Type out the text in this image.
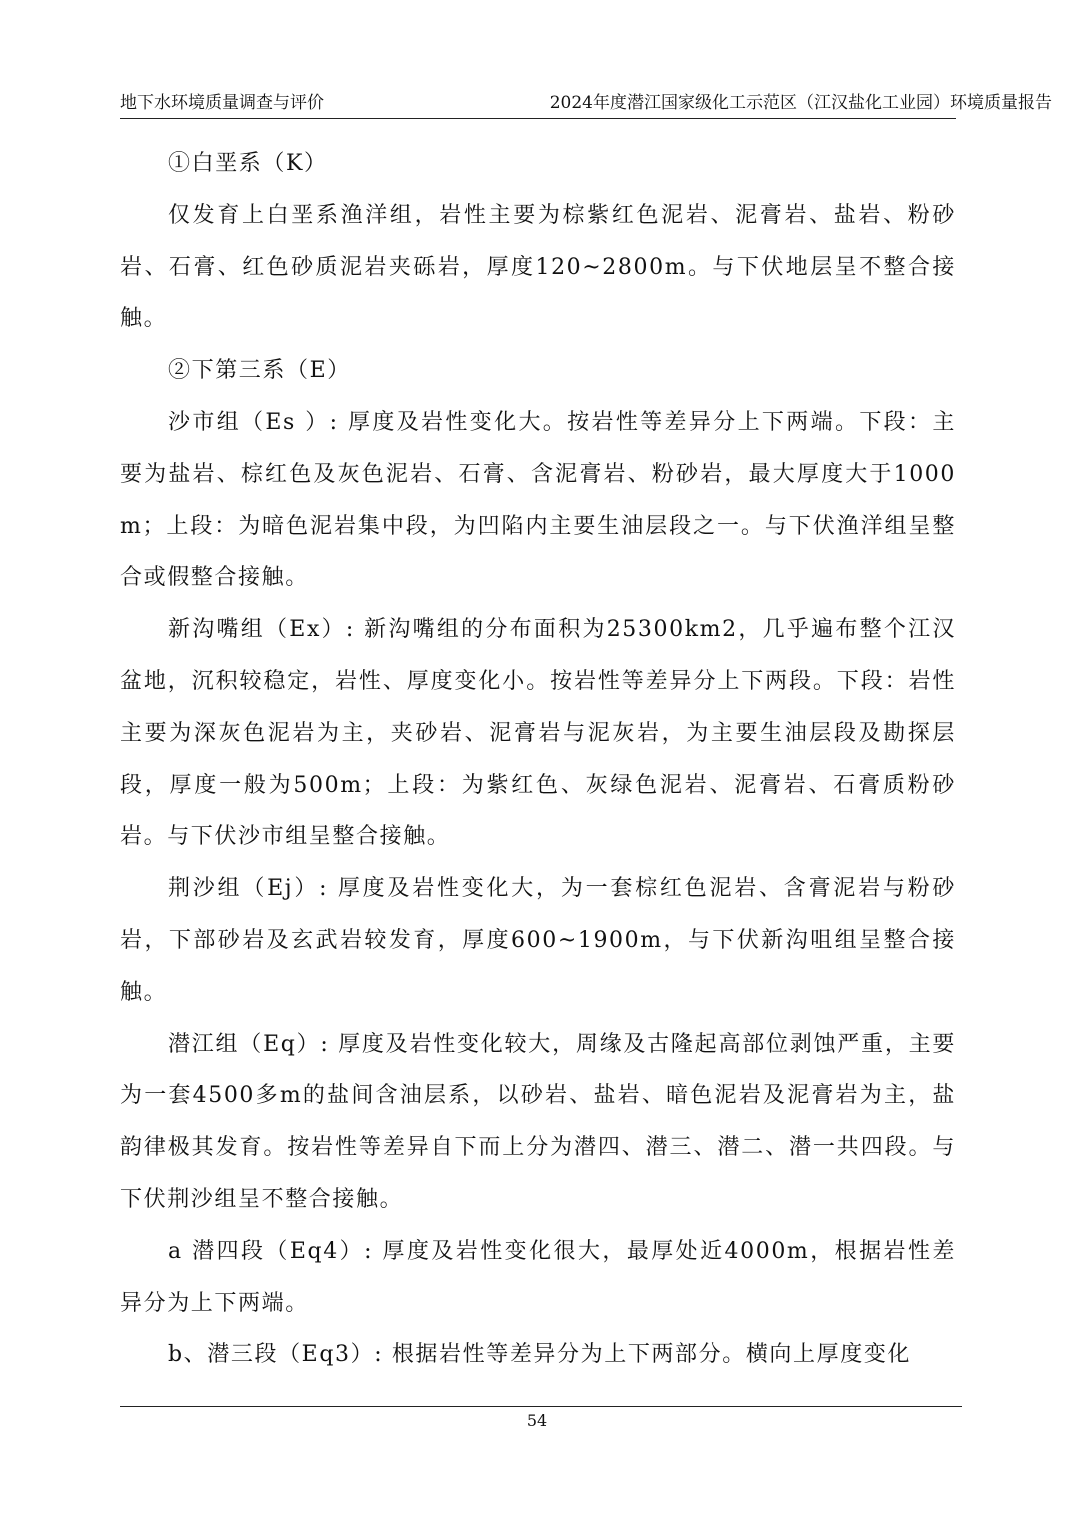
地下水环境质量调查与评价	2024年度潜江国家级化工示范区（江汉盐化工业园）环境质量报告

①白垩系（K）

仅发育上白垩系渔洋组，岩性主要为棕紫红色泥岩、泥膏岩、盐岩、粉砂岩、石膏、红色砂质泥岩夹砾岩，厚度120~2800m。与下伏地层呈不整合接触。

②下第三系（E）

沙市组（Es ）: 厚度及岩性变化大。按岩性等差异分上下两端。下段：主要为盐岩、棕红色及灰色泥岩、石膏、含泥膏岩、粉砂岩，最大厚度大于1000m；上段：为暗色泥岩集中段，为凹陷内主要生油层段之一。与下伏渔洋组呈整合或假整合接触。

新沟嘴组（Ex）: 新沟嘴组的分布面积为25300km2，几乎遍布整个江汉盆地，沉积较稳定，岩性、厚度变化小。按岩性等差异分上下两段。下段：岩性主要为深灰色泥岩为主，夹砂岩、泥膏岩与泥灰岩，为主要生油层段及勘探层段，厚度一般为500m；上段：为紫红色、灰绿色泥岩、泥膏岩、石膏质粉砂岩。与下伏沙市组呈整合接触。

荆沙组（Ej）: 厚度及岩性变化大，为一套棕红色泥岩、含膏泥岩与粉砂岩，下部砂岩及玄武岩较发育，厚度600~1900m，与下伏新沟咀组呈整合接触。

潜江组（Eq）: 厚度及岩性变化较大，周缘及古隆起高部位剥蚀严重，主要为一套4500多m的盐间含油层系，以砂岩、盐岩、暗色泥岩及泥膏岩为主，盐韵律极其发育。按岩性等差异自下而上分为潜四、潜三、潜二、潜一共四段。与下伏荆沙组呈不整合接触。

a 潜四段（Eq4）: 厚度及岩性变化很大，最厚处近4000m，根据岩性差异分为上下两端。

b、潜三段（Eq3）: 根据岩性等差异分为上下两部分。横向上厚度变化

54
